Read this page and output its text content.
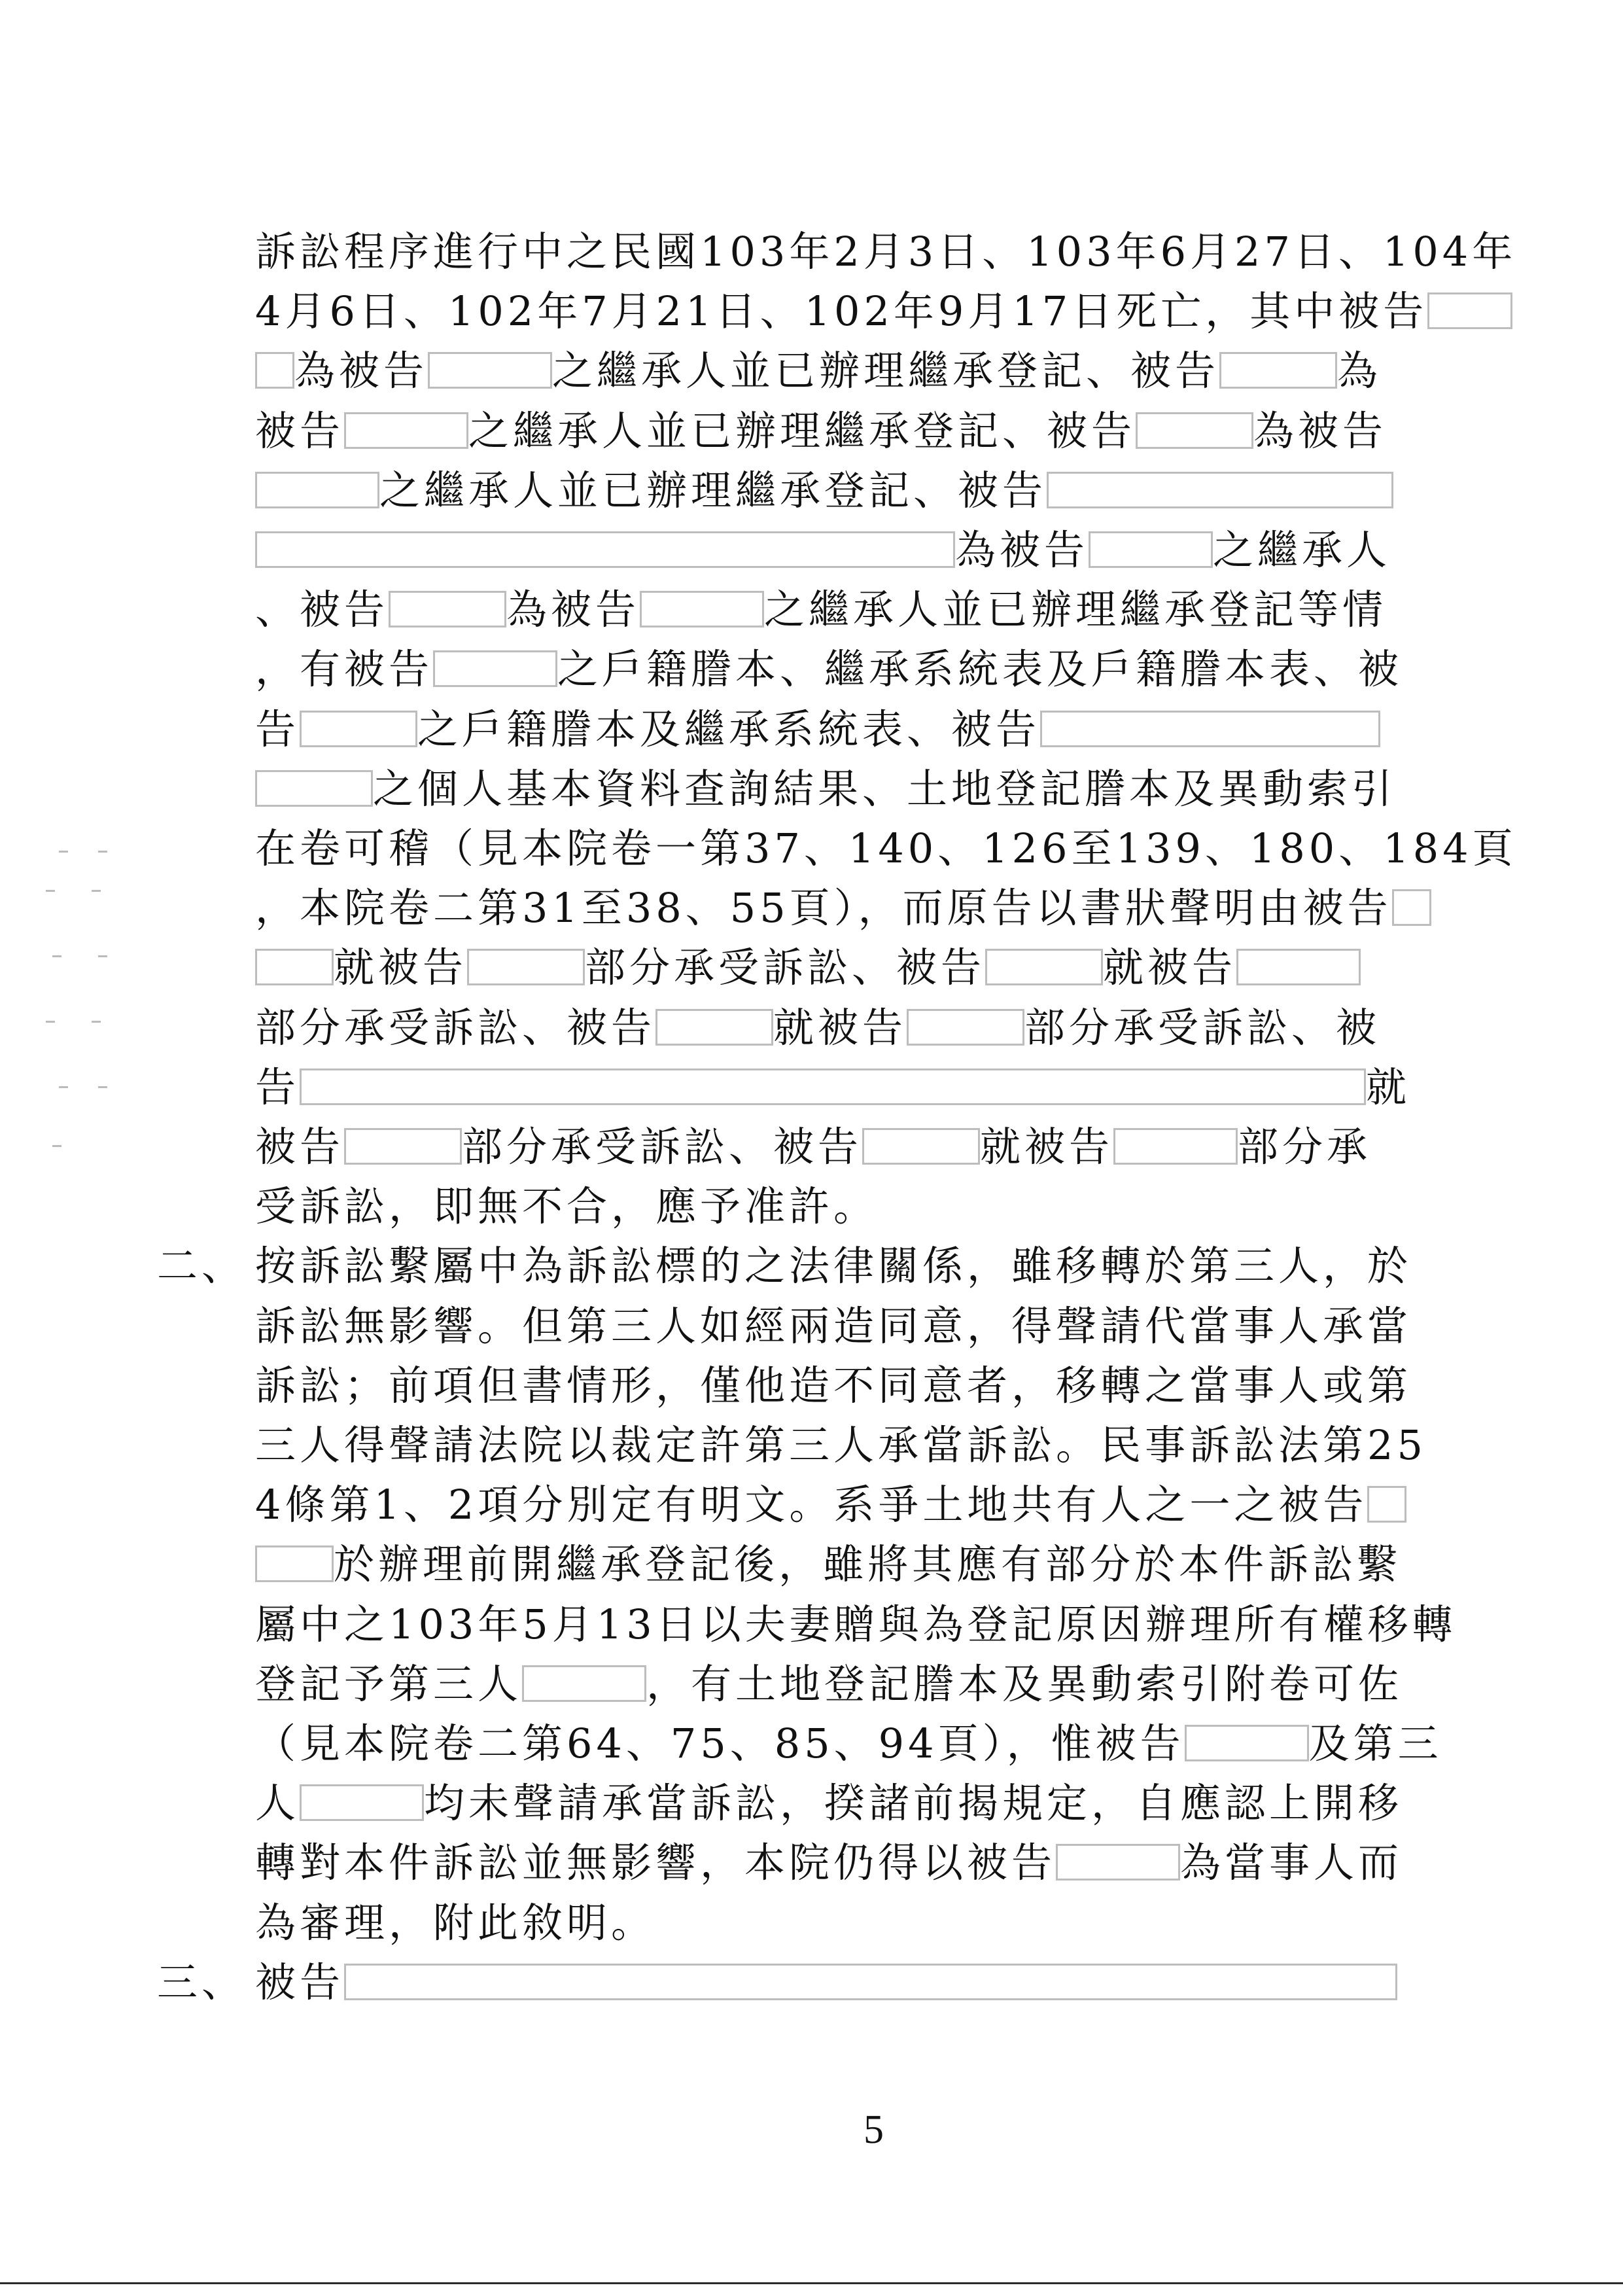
訴訟程序進行中之民國103年2月3日、103年6月27日、104年
4月6日、102年7月21日、102年9月17日死亡，其中被告
為被告	之繼承人並已辦理繼承登記、被告	為
被告	之繼承人並已辦理繼承登記、被告	為被告
之繼承人並已辦理繼承登記、被告
為被告	之繼承人
、被告	為被告	之繼承人並已辦理繼承登記等情
，有被告	之戶籍謄本、繼承系統表及戶籍謄本表、被
告	之戶籍謄本及繼承系統表、被告
之個人基本資料查詢結果、土地登記謄本及異動索引
在卷可稽（見本院卷一第37、140、126至139、180、184頁
，本院卷二第31至38、55頁），而原告以書狀聲明由被告
就被告	部分承受訴訟、被告	就被告
部分承受訴訟、被告	就被告	部分承受訴訟、被
告	就
被告	部分承受訴訟、被告	就被告	部分承
受訴訟，即無不合，應予准許。
二、 按訴訟繫屬中為訴訟標的之法律關係，雖移轉於第三人，於
訴訟無影響。但第三人如經兩造同意，得聲請代當事人承當
訴訟；前項但書情形，僅他造不同意者，移轉之當事人或第
三人得聲請法院以裁定許第三人承當訴訟。民事訴訟法第25
4條第1、2項分別定有明文。系爭土地共有人之一之被告
於辦理前開繼承登記後，雖將其應有部分於本件訴訟繫
屬中之103年5月13日以夫妻贈與為登記原因辦理所有權移轉
登記予第三人	，有土地登記謄本及異動索引附卷可佐
（見本院卷二第64、75、85、94頁），惟被告	及第三
人	均未聲請承當訴訟，揆諸前揭規定，自應認上開移
轉對本件訴訟並無影響，本院仍得以被告	為當事人而
為審理，附此敘明。
三、 被告
5
